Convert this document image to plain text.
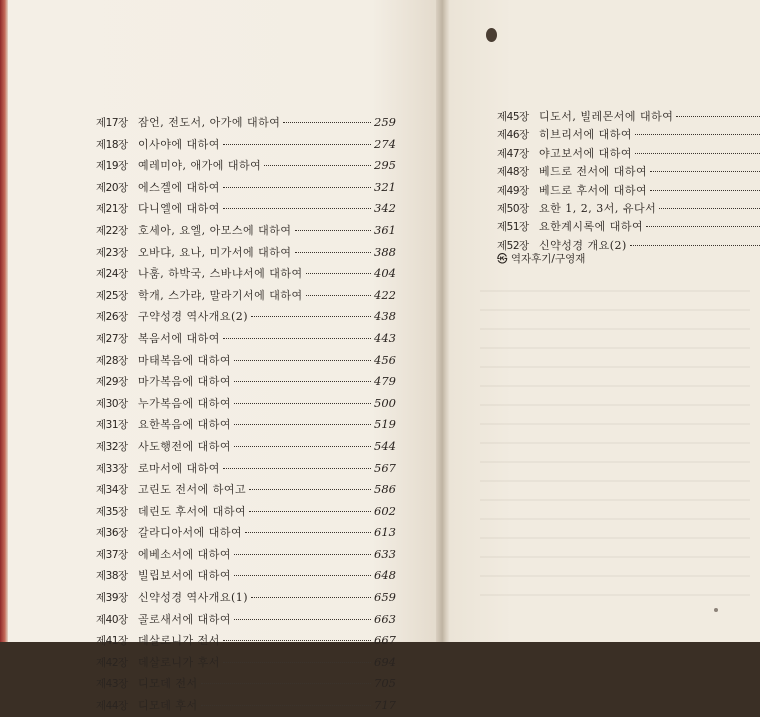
제17장 잠언, 전도서, 아가에 대하여	259
제18장 이사야에 대하여	274
제19장 예레미야, 애가에 대하여	295
제20장 에스겔에 대하여	321
제21장 다니엘에 대하여	342
제22장 호세아, 요엘, 아모스에 대하여	361
제23장 오바댜, 요나, 미가서에 대하여	388
제24장 나훔, 하박국, 스바냐서에 대하여	404
제25장 학개, 스가랴, 말라기서에 대하여	422
제26장 구약성경 역사개요(2)	438
제27장 복음서에 대하여	443
제28장 마태복음에 대하여	456
제29장 마가복음에 대하여	479
제30장 누가복음에 대하여	500
제31장 요한복음에 대하여	519
제32장 사도행전에 대하여	544
제33장 로마서에 대하여	567
제34장 고린도 전서에 하여고	586
제35장 데린도 후서에 대하여	602
제36장 갈라디아서에 대하여	613
제37장 에베소서에 대하여	633
제38장 빌립보서에 대하여	648
제39장 신약성경 역사개요(1)	659
제40장 골로새서에 대하여	663
제41장 데살로니가 전서	667
제42장 데살로니가 후서	694
제43장 디모데 전서	705
제44장 디모데 후서	717
제45장 디도서, 빌레몬서에 대하여
제46장 히브리서에 대하여
제47장 야고보서에 대하여
제48장 베드로 전서에 대하여
제49장 베드로 후서에 대하여
제50장 요한 1, 2, 3서, 유다서
제51장 요한계시록에 대하여
제52장 신약성경 개요(2)
㉿ 역자후기/구영재
